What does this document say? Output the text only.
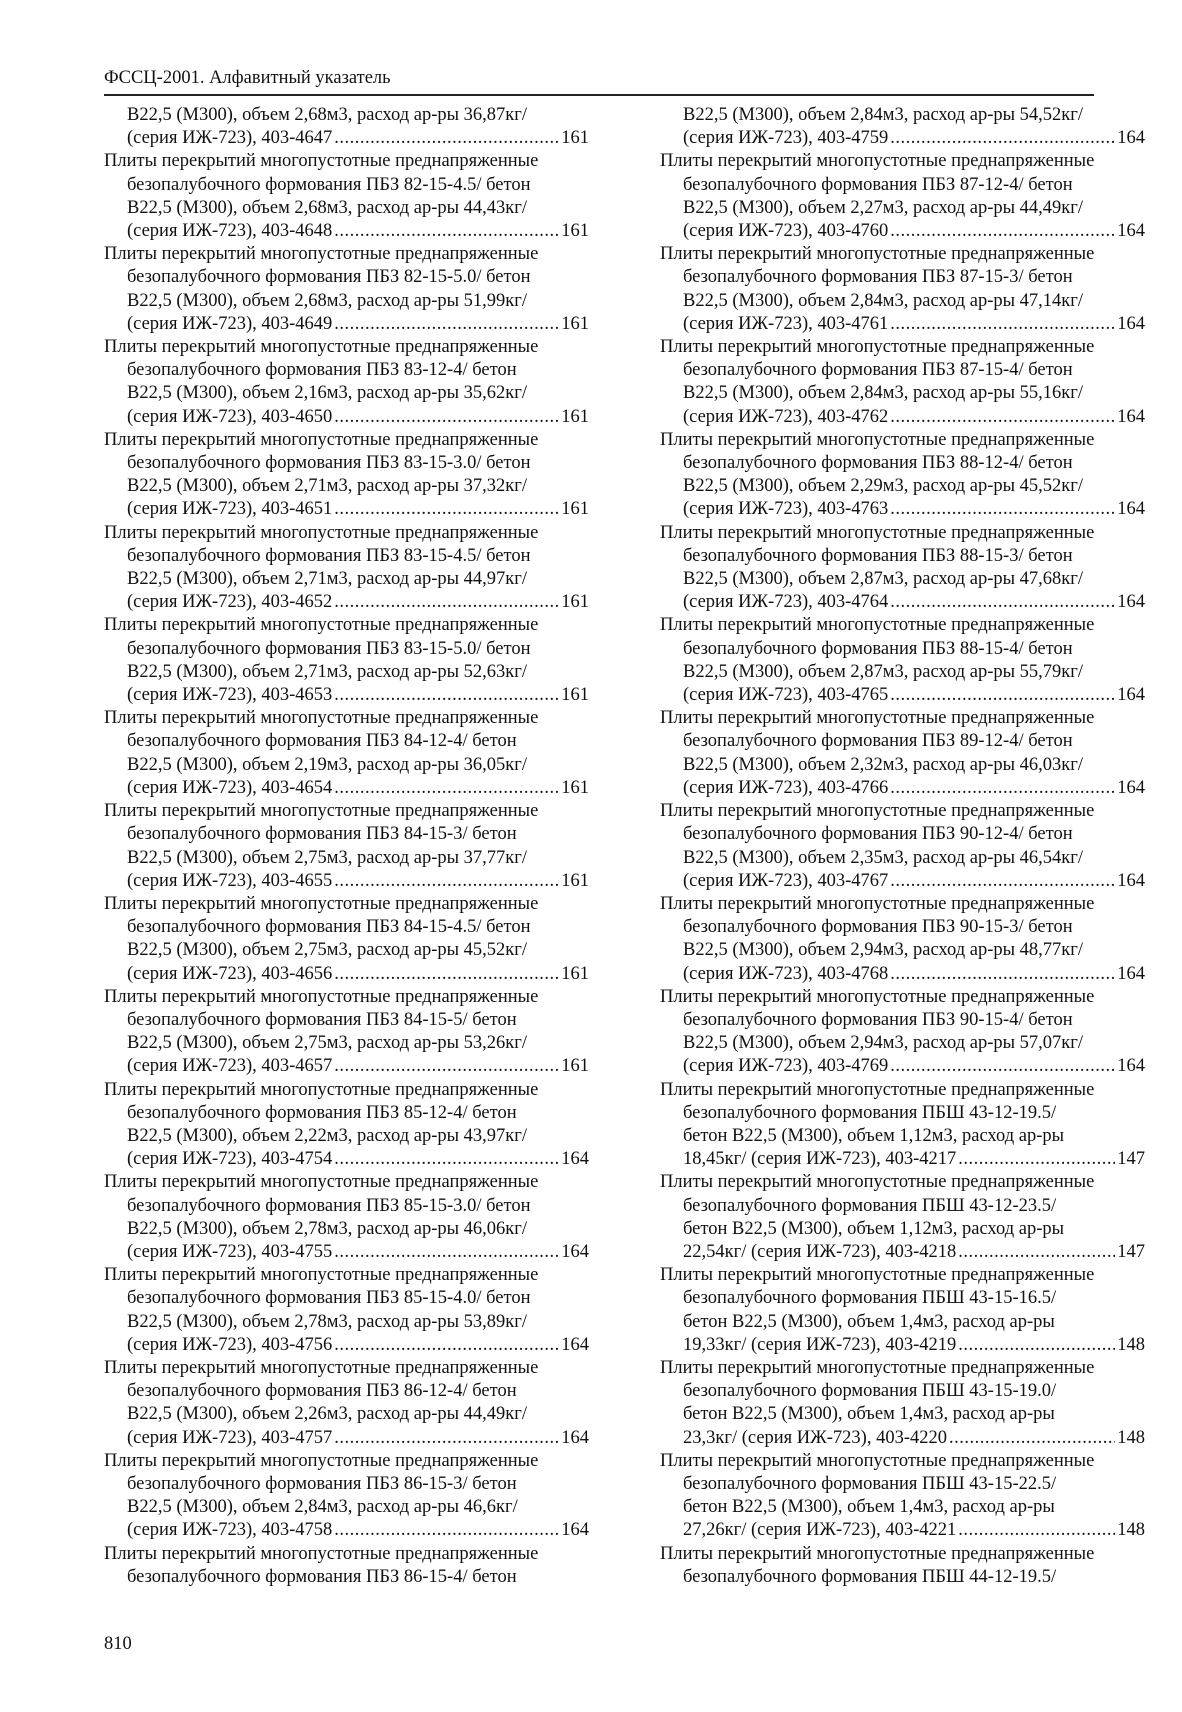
ФССЦ-2001. Алфавитный указатель
В22,5 (М300), объем 2,68м3, расход ар-ры 36,87кг/
(серия ИЖ-723), 403-4647 .....	161
Плиты перекрытий многопустотные преднапряженные
безопалубочного формования ПБЗ 82-15-4.5/ бетон
В22,5 (М300), объем 2,68м3, расход ар-ры 44,43кг/
(серия ИЖ-723), 403-4648 .....	161
Плиты перекрытий многопустотные преднапряженные
безопалубочного формования ПБЗ 82-15-5.0/ бетон
В22,5 (М300), объем 2,68м3, расход ар-ры 51,99кг/
(серия ИЖ-723), 403-4649 .....	161
Плиты перекрытий многопустотные преднапряженные
безопалубочного формования ПБЗ 83-12-4/ бетон
В22,5 (М300), объем 2,16м3, расход ар-ры 35,62кг/
(серия ИЖ-723), 403-4650 .....	161
Плиты перекрытий многопустотные преднапряженные
безопалубочного формования ПБЗ 83-15-3.0/ бетон
В22,5 (М300), объем 2,71м3, расход ар-ры 37,32кг/
(серия ИЖ-723), 403-4651 .....	161
Плиты перекрытий многопустотные преднапряженные
безопалубочного формования ПБЗ 83-15-4.5/ бетон
В22,5 (М300), объем 2,71м3, расход ар-ры 44,97кг/
(серия ИЖ-723), 403-4652 .....	161
Плиты перекрытий многопустотные преднапряженные
безопалубочного формования ПБЗ 83-15-5.0/ бетон
В22,5 (М300), объем 2,71м3, расход ар-ры 52,63кг/
(серия ИЖ-723), 403-4653 .....	161
Плиты перекрытий многопустотные преднапряженные
безопалубочного формования ПБЗ 84-12-4/ бетон
В22,5 (М300), объем 2,19м3, расход ар-ры 36,05кг/
(серия ИЖ-723), 403-4654 .....	161
Плиты перекрытий многопустотные преднапряженные
безопалубочного формования ПБЗ 84-15-3/ бетон
В22,5 (М300), объем 2,75м3, расход ар-ры 37,77кг/
(серия ИЖ-723), 403-4655 .....	161
Плиты перекрытий многопустотные преднапряженные
безопалубочного формования ПБЗ 84-15-4.5/ бетон
В22,5 (М300), объем 2,75м3, расход ар-ры 45,52кг/
(серия ИЖ-723), 403-4656 .....	161
Плиты перекрытий многопустотные преднапряженные
безопалубочного формования ПБЗ 84-15-5/ бетон
В22,5 (М300), объем 2,75м3, расход ар-ры 53,26кг/
(серия ИЖ-723), 403-4657 .....	161
Плиты перекрытий многопустотные преднапряженные
безопалубочного формования ПБЗ 85-12-4/ бетон
В22,5 (М300), объем 2,22м3, расход ар-ры 43,97кг/
(серия ИЖ-723), 403-4754 .....	164
Плиты перекрытий многопустотные преднапряженные
безопалубочного формования ПБЗ 85-15-3.0/ бетон
В22,5 (М300), объем 2,78м3, расход ар-ры 46,06кг/
(серия ИЖ-723), 403-4755 .....	164
Плиты перекрытий многопустотные преднапряженные
безопалубочного формования ПБЗ 85-15-4.0/ бетон
В22,5 (М300), объем 2,78м3, расход ар-ры 53,89кг/
(серия ИЖ-723), 403-4756 .....	164
Плиты перекрытий многопустотные преднапряженные
безопалубочного формования ПБЗ 86-12-4/ бетон
В22,5 (М300), объем 2,26м3, расход ар-ры 44,49кг/
(серия ИЖ-723), 403-4757 .....	164
Плиты перекрытий многопустотные преднапряженные
безопалубочного формования ПБЗ 86-15-3/ бетон
В22,5 (М300), объем 2,84м3, расход ар-ры 46,6кг/
(серия ИЖ-723), 403-4758 .....	164
Плиты перекрытий многопустотные преднапряженные
безопалубочного формования ПБЗ 86-15-4/ бетон
В22,5 (М300), объем 2,84м3, расход ар-ры 54,52кг/
(серия ИЖ-723), 403-4759 .....	164
Плиты перекрытий многопустотные преднапряженные
безопалубочного формования ПБЗ 87-12-4/ бетон
В22,5 (М300), объем 2,27м3, расход ар-ры 44,49кг/
(серия ИЖ-723), 403-4760 .....	164
Плиты перекрытий многопустотные преднапряженные
безопалубочного формования ПБЗ 87-15-3/ бетон
В22,5 (М300), объем 2,84м3, расход ар-ры 47,14кг/
(серия ИЖ-723), 403-4761 .....	164
Плиты перекрытий многопустотные преднапряженные
безопалубочного формования ПБЗ 87-15-4/ бетон
В22,5 (М300), объем 2,84м3, расход ар-ры 55,16кг/
(серия ИЖ-723), 403-4762 .....	164
Плиты перекрытий многопустотные преднапряженные
безопалубочного формования ПБЗ 88-12-4/ бетон
В22,5 (М300), объем 2,29м3, расход ар-ры 45,52кг/
(серия ИЖ-723), 403-4763 .....	164
Плиты перекрытий многопустотные преднапряженные
безопалубочного формования ПБЗ 88-15-3/ бетон
В22,5 (М300), объем 2,87м3, расход ар-ры 47,68кг/
(серия ИЖ-723), 403-4764 .....	164
Плиты перекрытий многопустотные преднапряженные
безопалубочного формования ПБЗ 88-15-4/ бетон
В22,5 (М300), объем 2,87м3, расход ар-ры 55,79кг/
(серия ИЖ-723), 403-4765 .....	164
Плиты перекрытий многопустотные преднапряженные
безопалубочного формования ПБЗ 89-12-4/ бетон
В22,5 (М300), объем 2,32м3, расход ар-ры 46,03кг/
(серия ИЖ-723), 403-4766 .....	164
Плиты перекрытий многопустотные преднапряженные
безопалубочного формования ПБЗ 90-12-4/ бетон
В22,5 (М300), объем 2,35м3, расход ар-ры 46,54кг/
(серия ИЖ-723), 403-4767 .....	164
Плиты перекрытий многопустотные преднапряженные
безопалубочного формования ПБЗ 90-15-3/ бетон
В22,5 (М300), объем 2,94м3, расход ар-ры 48,77кг/
(серия ИЖ-723), 403-4768 .....	164
Плиты перекрытий многопустотные преднапряженные
безопалубочного формования ПБЗ 90-15-4/ бетон
В22,5 (М300), объем 2,94м3, расход ар-ры 57,07кг/
(серия ИЖ-723), 403-4769 .....	164
Плиты перекрытий многопустотные преднапряженные
безопалубочного формования ПБШ 43-12-19.5/
бетон В22,5 (М300), объем 1,12м3, расход ар-ры
18,45кг/ (серия ИЖ-723), 403-4217 .....	147
Плиты перекрытий многопустотные преднапряженные
безопалубочного формования ПБШ 43-12-23.5/
бетон В22,5 (М300), объем 1,12м3, расход ар-ры
22,54кг/ (серия ИЖ-723), 403-4218 .....	147
Плиты перекрытий многопустотные преднапряженные
безопалубочного формования ПБШ 43-15-16.5/
бетон В22,5 (М300), объем 1,4м3, расход ар-ры
19,33кг/ (серия ИЖ-723), 403-4219 .....	148
Плиты перекрытий многопустотные преднапряженные
безопалубочного формования ПБШ 43-15-19.0/
бетон В22,5 (М300), объем 1,4м3, расход ар-ры
23,3кг/ (серия ИЖ-723), 403-4220 .....	148
Плиты перекрытий многопустотные преднапряженные
безопалубочного формования ПБШ 43-15-22.5/
бетон В22,5 (М300), объем 1,4м3, расход ар-ры
27,26кг/ (серия ИЖ-723), 403-4221 .....	148
Плиты перекрытий многопустотные преднапряженные
безопалубочного формования ПБШ 44-12-19.5/
810
